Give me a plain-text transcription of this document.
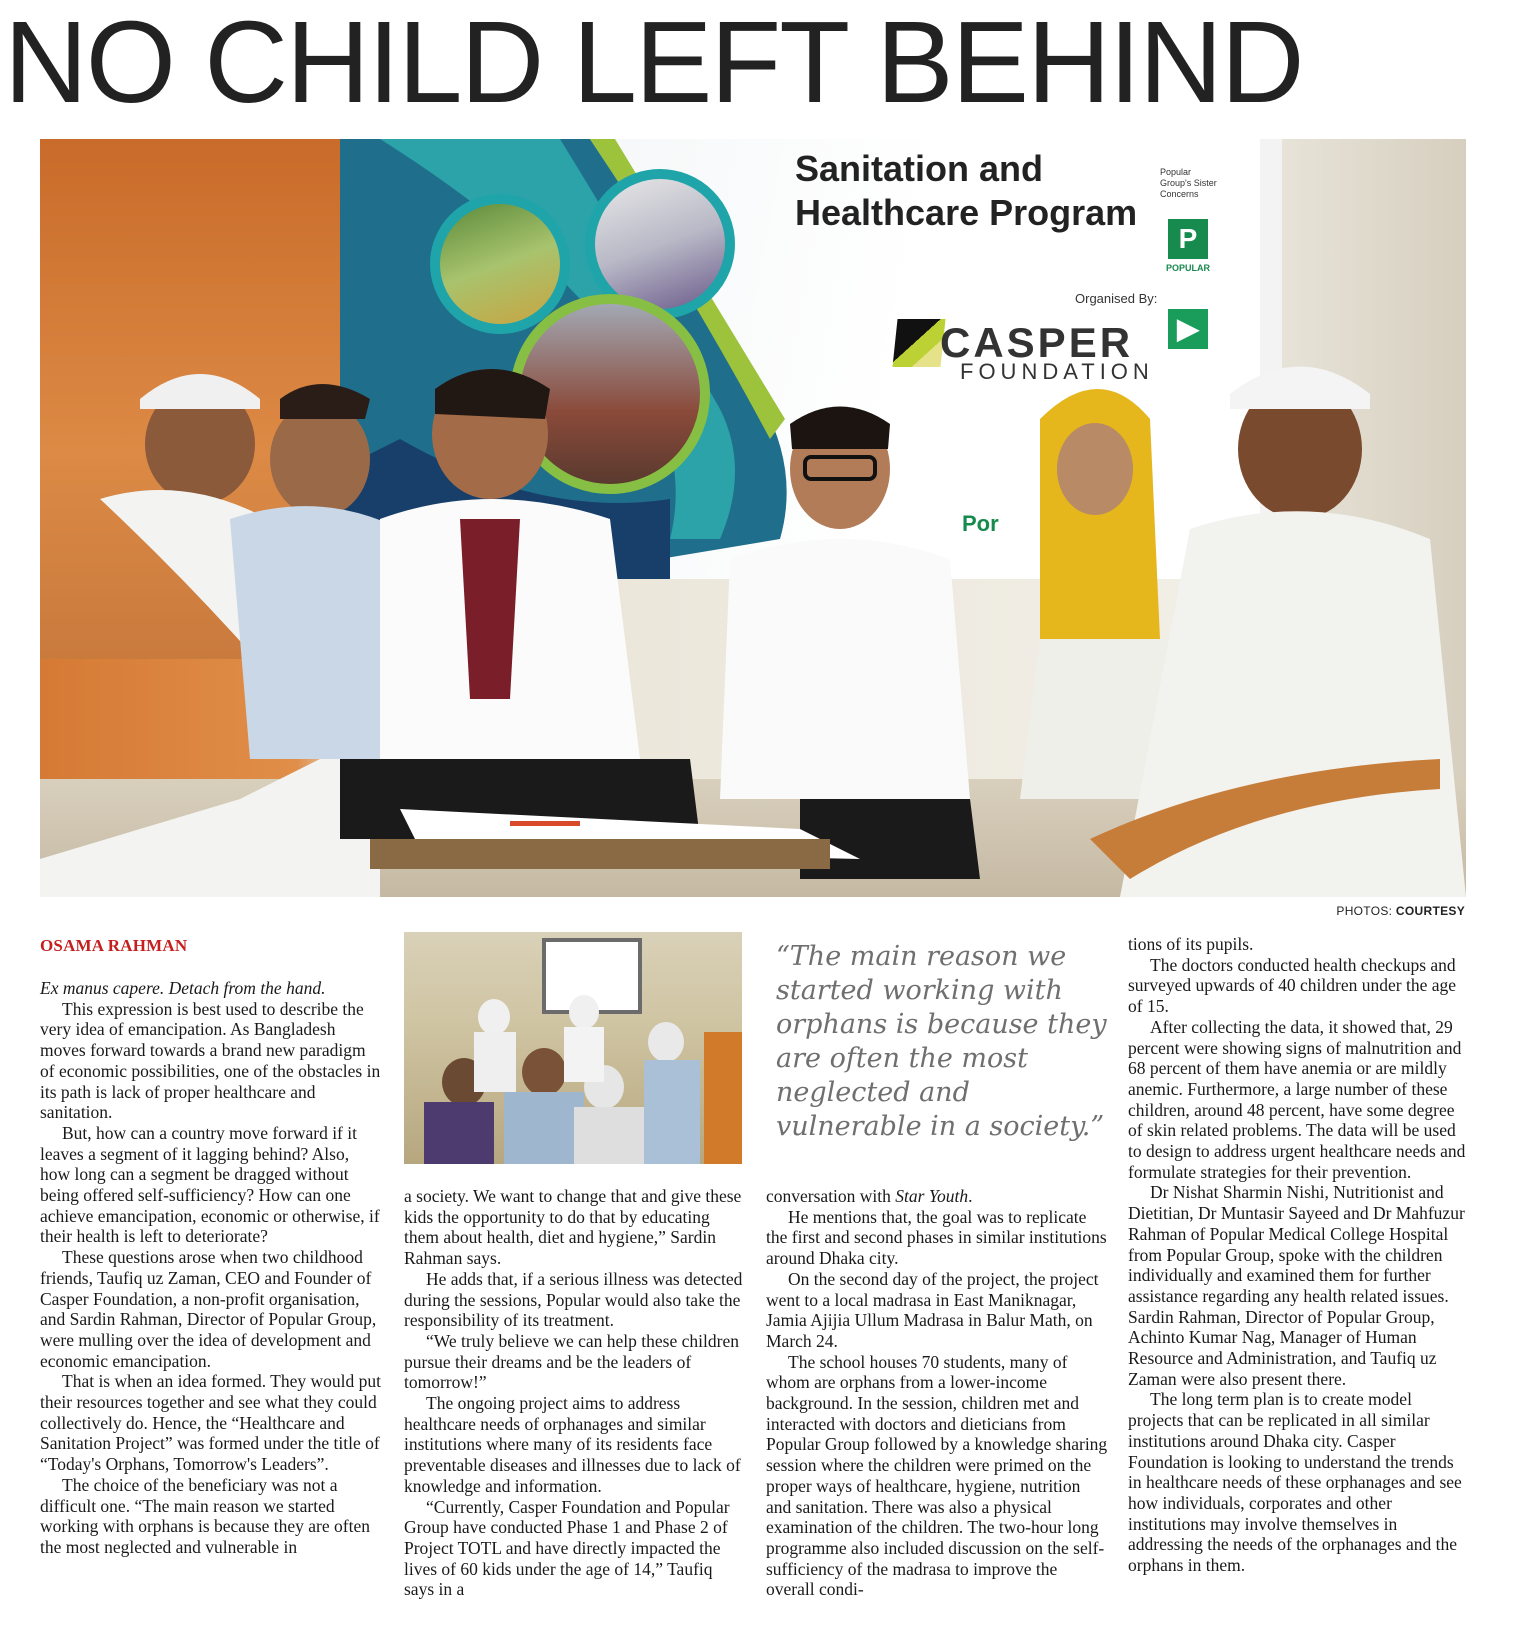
NO CHILD LEFT BEHIND
Sanitation and
Healthcare Program
Popular Group's Sister Concerns
P
POPULAR
▶
Organised By:
CASPER
FOUNDATION
Por
PHOTOS: COURTESY
OSAMA RAHMAN

Ex manus capere. Detach from the hand.

This expression is best used to describe the very idea of emancipation. As Bangladesh moves forward towards a brand new paradigm of economic possibilities, one of the obstacles in its path is lack of proper healthcare and sanitation.

But, how can a country move forward if it leaves a segment of it lagging behind? Also, how long can a segment be dragged without being offered self-sufficiency? How can one achieve emancipation, economic or otherwise, if their health is left to deteriorate?

These questions arose when two childhood friends, Taufiq uz Zaman, CEO and Founder of Casper Foundation, a non-profit organisation, and Sardin Rahman, Director of Popular Group, were mulling over the idea of development and economic emancipation.

That is when an idea formed. They would put their resources together and see what they could collectively do. Hence, the “Healthcare and Sanitation Project” was formed under the title of “Today's Orphans, Tomorrow's Leaders”.

The choice of the beneficiary was not a difficult one. “The main reason we started working with orphans is because they are often the most neglected and vulnerable in

a society. We want to change that and give these kids the opportunity to do that by educating them about health, diet and hygiene,” Sardin Rahman says.

He adds that, if a serious illness was detected during the sessions, Popular would also take the responsibility of its treatment.

“We truly believe we can help these children pursue their dreams and be the leaders of tomorrow!”

The ongoing project aims to address healthcare needs of orphanages and similar institutions where many of its residents face preventable diseases and illnesses due to lack of knowledge and information.

“Currently, Casper Foundation and Popular Group have conducted Phase 1 and Phase 2 of Project TOTL and have directly impacted the lives of 60 kids under the age of 14,” Taufiq says in a

“The main reason we started working with orphans is because they are often the most neglected and vulnerable in a society.”

conversation with Star Youth.

He mentions that, the goal was to replicate the first and second phases in similar institutions around Dhaka city.

On the second day of the project, the project went to a local madrasa in East Maniknagar, Jamia Ajijia Ullum Madrasa in Balur Math, on March 24.

The school houses 70 students, many of whom are orphans from a lower-income background. In the session, children met and interacted with doctors and dieticians from Popular Group followed by a knowledge sharing session where the children were primed on the proper ways of healthcare, hygiene, nutrition and sanitation. There was also a physical examination of the children. The two-hour long programme also included discussion on the self-sufficiency of the madrasa to improve the overall condi-

tions of its pupils.

The doctors conducted health checkups and surveyed upwards of 40 children under the age of 15.

After collecting the data, it showed that, 29 percent were showing signs of malnutrition and 68 percent of them have anemia or are mildly anemic. Furthermore, a large number of these children, around 48 percent, have some degree of skin related problems. The data will be used to design to address urgent healthcare needs and formulate strategies for their prevention.

Dr Nishat Sharmin Nishi, Nutritionist and Dietitian, Dr Muntasir Sayeed and Dr Mahfuzur Rahman of Popular Medical College Hospital from Popular Group, spoke with the children individually and examined them for further assistance regarding any health related issues. Sardin Rahman, Director of Popular Group, Achinto Kumar Nag, Manager of Human Resource and Administration, and Taufiq uz Zaman were also present there.

The long term plan is to create model projects that can be replicated in all similar institutions around Dhaka city. Casper Foundation is looking to understand the trends in healthcare needs of these orphanages and see how individuals, corporates and other institutions may involve themselves in addressing the needs of the orphanages and the orphans in them.
